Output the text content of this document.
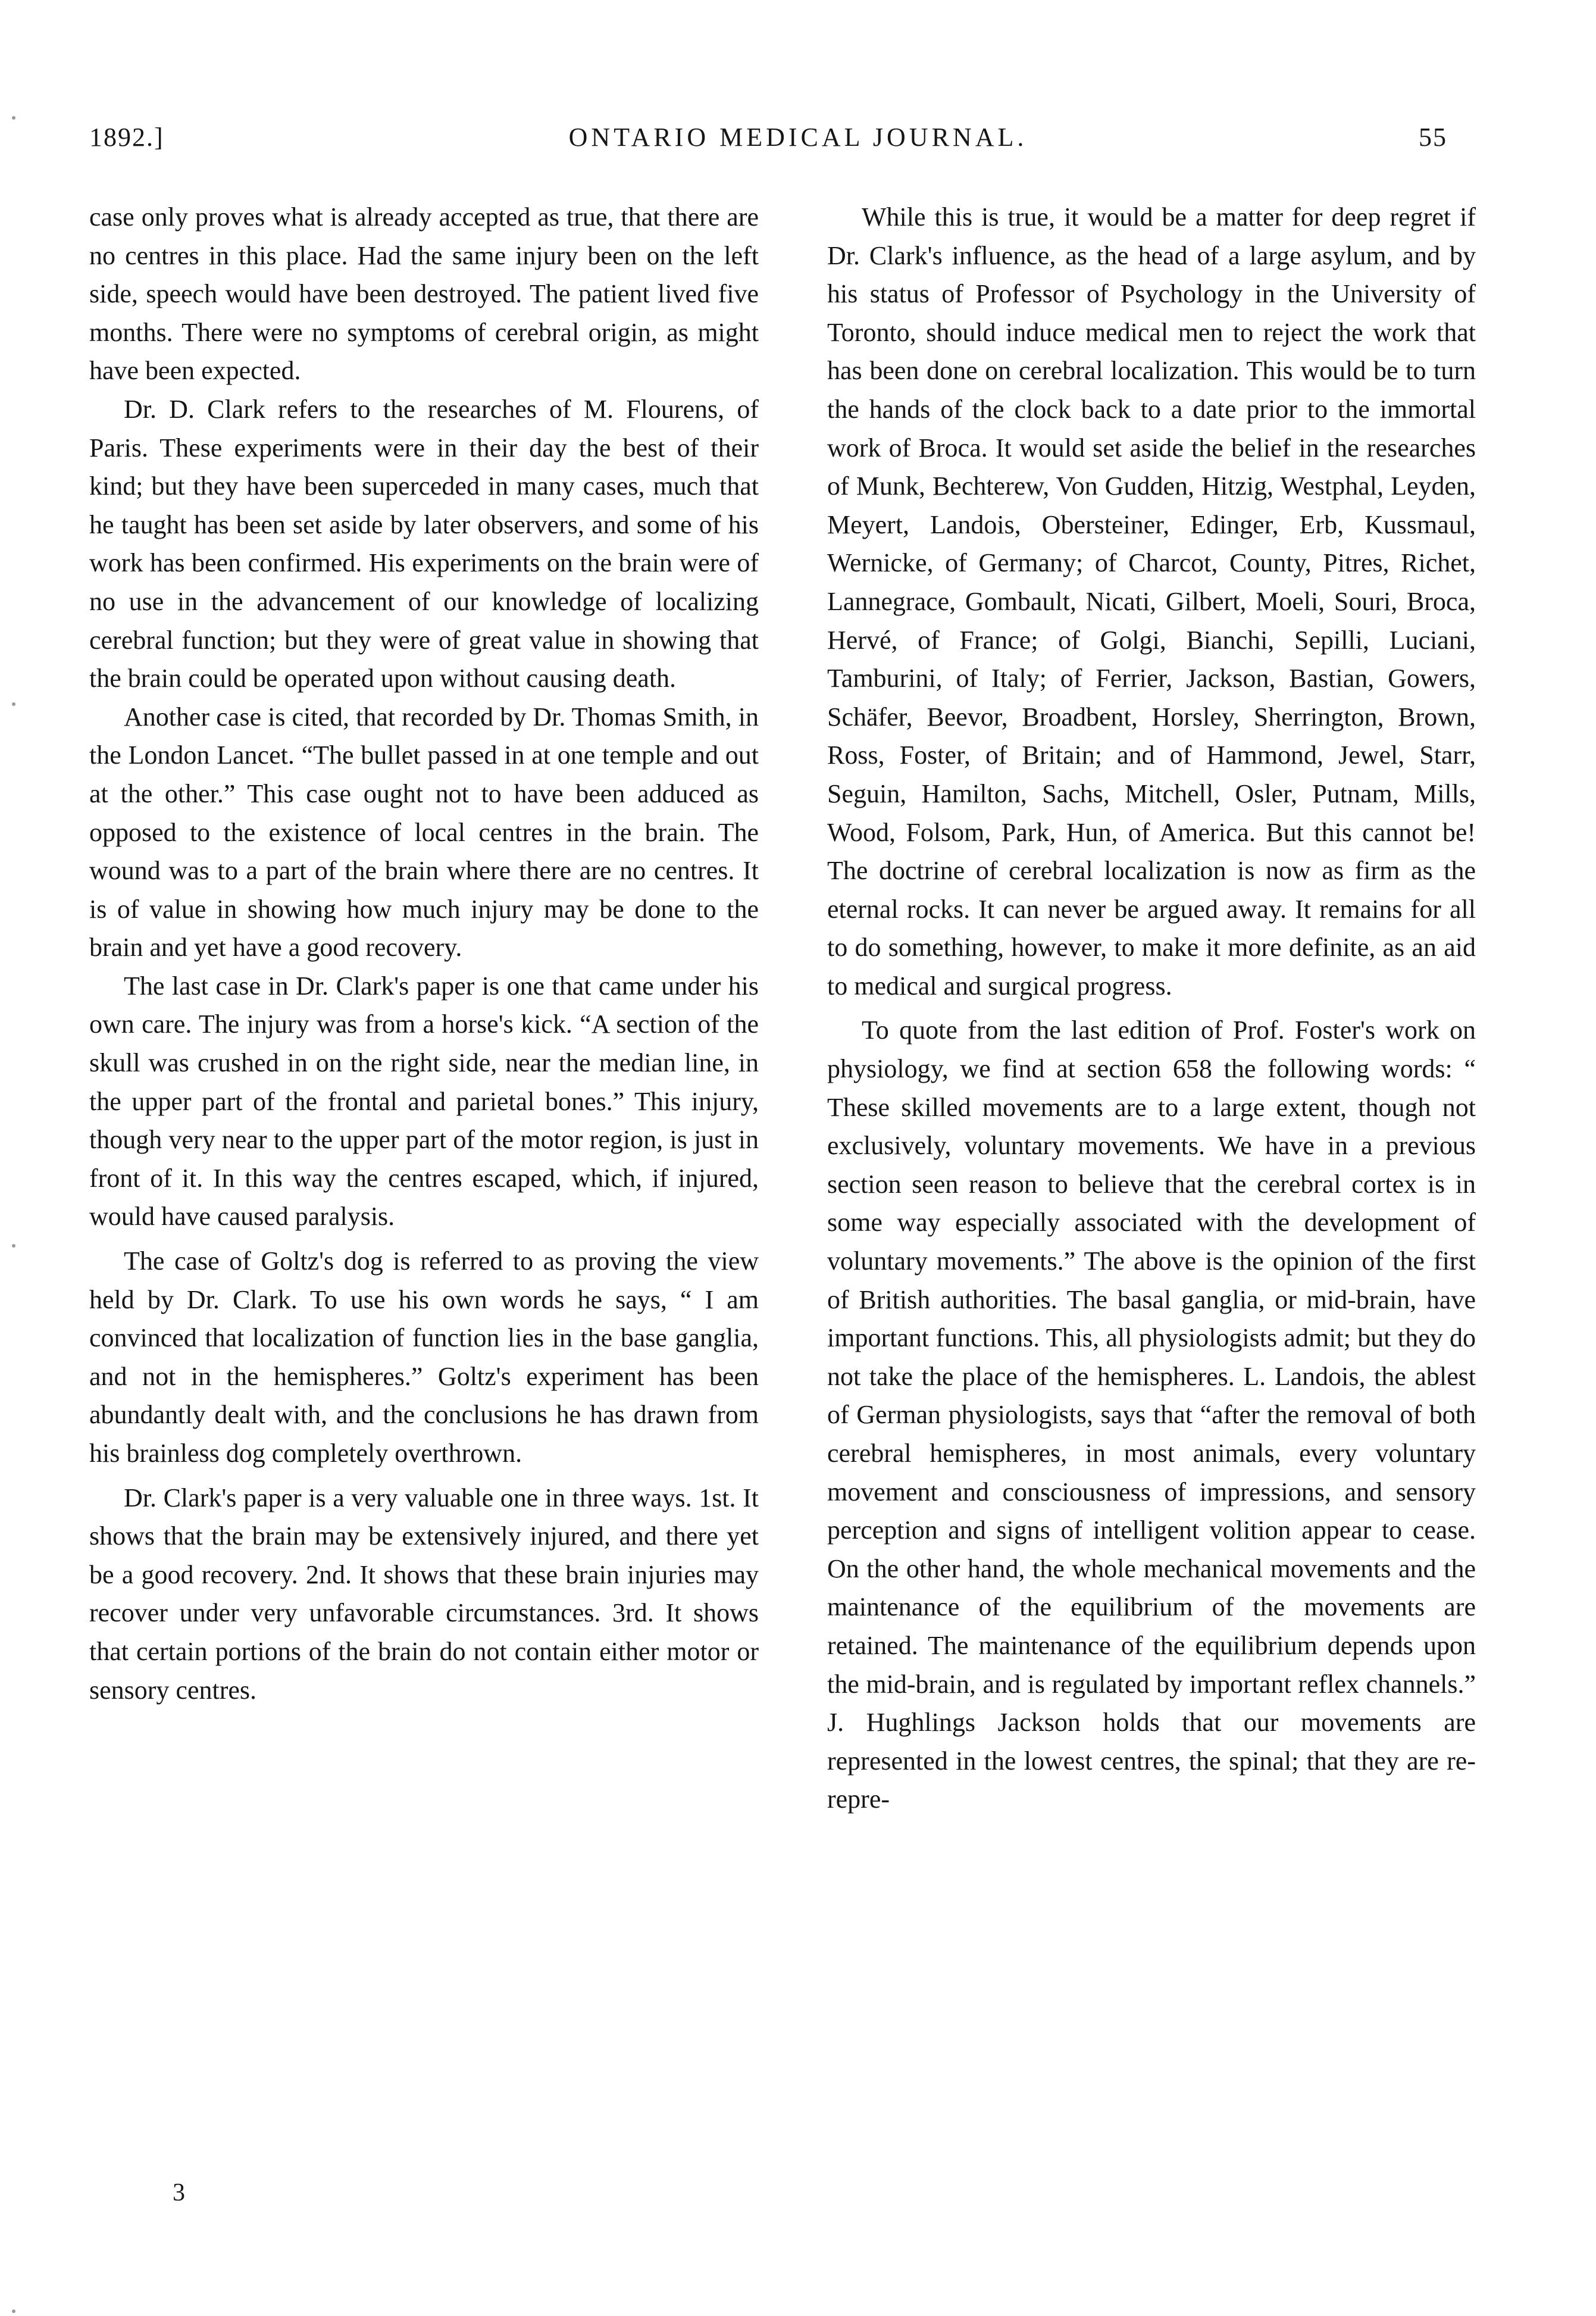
1892.]	ONTARIO MEDICAL JOURNAL.	55

case only proves what is already accepted as true, that there are no centres in this place. Had the same injury been on the left side, speech would have been destroyed. The patient lived five months. There were no symptoms of cerebral origin, as might have been expected.

Dr. D. Clark refers to the researches of M. Flourens, of Paris. These experiments were in their day the best of their kind; but they have been superceded in many cases, much that he taught has been set aside by later observers, and some of his work has been confirmed. His experiments on the brain were of no use in the advancement of our knowledge of localizing cerebral function; but they were of great value in showing that the brain could be operated upon without causing death.

Another case is cited, that recorded by Dr. Thomas Smith, in the London Lancet. “The bullet passed in at one temple and out at the other.” This case ought not to have been adduced as opposed to the existence of local centres in the brain. The wound was to a part of the brain where there are no centres. It is of value in showing how much injury may be done to the brain and yet have a good recovery.

The last case in Dr. Clark's paper is one that came under his own care. The injury was from a horse's kick. “A section of the skull was crushed in on the right side, near the median line, in the upper part of the frontal and parietal bones.” This injury, though very near to the upper part of the motor region, is just in front of it. In this way the centres escaped, which, if injured, would have caused paralysis.

The case of Goltz's dog is referred to as proving the view held by Dr. Clark. To use his own words he says, “ I am convinced that localization of function lies in the base ganglia, and not in the hemispheres.” Goltz's experiment has been abundantly dealt with, and the conclusions he has drawn from his brainless dog completely overthrown.

Dr. Clark's paper is a very valuable one in three ways. 1st. It shows that the brain may be extensively injured, and there yet be a good recovery. 2nd. It shows that these brain injuries may recover under very unfavorable circumstances. 3rd. It shows that certain portions of the brain do not contain either motor or sensory centres.

While this is true, it would be a matter for deep regret if Dr. Clark's influence, as the head of a large asylum, and by his status of Professor of Psychology in the University of Toronto, should induce medical men to reject the work that has been done on cerebral localization. This would be to turn the hands of the clock back to a date prior to the immortal work of Broca. It would set aside the belief in the researches of Munk, Bechterew, Von Gudden, Hitzig, Westphal, Leyden, Meyert, Landois, Obersteiner, Edinger, Erb, Kussmaul, Wernicke, of Germany; of Charcot, County, Pitres, Richet, Lannegrace, Gombault, Nicati, Gilbert, Moeli, Souri, Broca, Hervé, of France; of Golgi, Bianchi, Sepilli, Luciani, Tamburini, of Italy; of Ferrier, Jackson, Bastian, Gowers, Schäfer, Beevor, Broadbent, Horsley, Sherrington, Brown, Ross, Foster, of Britain; and of Hammond, Jewel, Starr, Seguin, Hamilton, Sachs, Mitchell, Osler, Putnam, Mills, Wood, Folsom, Park, Hun, of America. But this cannot be! The doctrine of cerebral localization is now as firm as the eternal rocks. It can never be argued away. It remains for all to do something, however, to make it more definite, as an aid to medical and surgical progress.

To quote from the last edition of Prof. Foster's work on physiology, we find at section 658 the following words: “ These skilled movements are to a large extent, though not exclusively, voluntary movements. We have in a previous section seen reason to believe that the cerebral cortex is in some way especially associated with the development of voluntary movements.” The above is the opinion of the first of British authorities. The basal ganglia, or mid-brain, have important functions. This, all physiologists admit; but they do not take the place of the hemispheres. L. Landois, the ablest of German physiologists, says that “after the removal of both cerebral hemispheres, in most animals, every voluntary movement and consciousness of impressions, and sensory perception and signs of intelligent volition appear to cease. On the other hand, the whole mechanical movements and the maintenance of the equilibrium of the movements are retained. The maintenance of the equilibrium depends upon the mid-brain, and is regulated by important reflex channels.” J. Hughlings Jackson holds that our movements are represented in the lowest centres, the spinal; that they are re-repre-

3
